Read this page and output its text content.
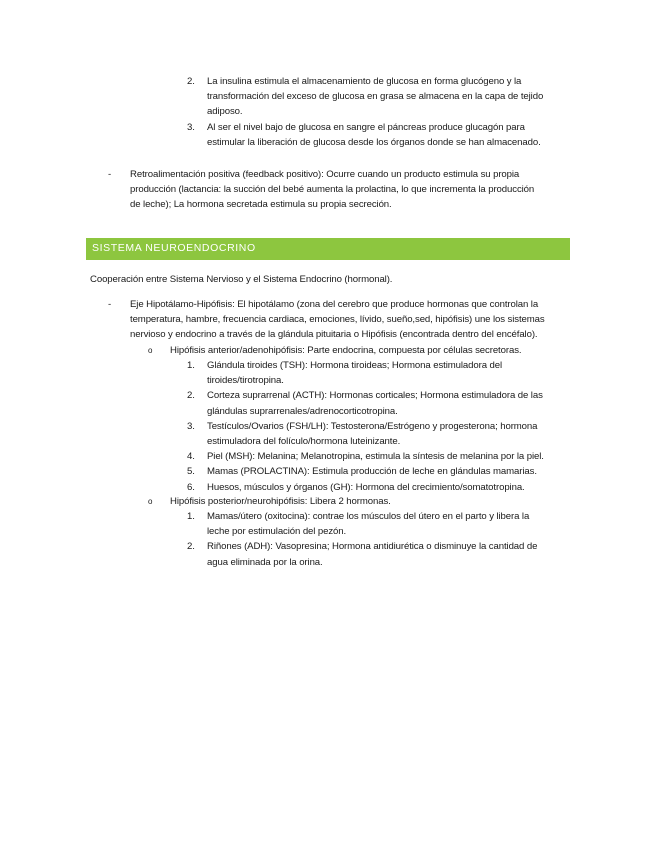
2.	La insulina estimula el almacenamiento de glucosa en forma glucógeno y la
transformación del exceso de glucosa en grasa se almacena en la capa de tejido
adiposo.
3.	Al ser el nivel bajo de glucosa en sangre el páncreas produce glucagón para
estimular la liberación de glucosa desde los órganos donde se han almacenado.
-	Retroalimentación positiva (feedback positivo): Ocurre cuando un producto estimula su propia
producción (lactancia: la succión del bebé aumenta la prolactina, lo que incrementa la producción
de leche); La hormona secretada estimula su propia secreción.
SISTEMA NEUROENDOCRINO
Cooperación entre Sistema Nervioso y el Sistema Endocrino (hormonal).
-	Eje Hipotálamo-Hipófisis: El hipotálamo (zona del cerebro que produce hormonas que controlan la
temperatura, hambre, frecuencia cardiaca, emociones, lívido, sueño,sed, hipófisis) une los sistemas
nervioso y endocrino a través de la glándula pituitaria o Hipófisis (encontrada dentro del encéfalo).
o	Hipófisis anterior/adenohipófisis: Parte endocrina, compuesta por células secretoras.
1.	Glándula tiroides (TSH): Hormona tiroideas; Hormona estimuladora del
tiroides/tirotropina.
2.	Corteza suprarrenal (ACTH): Hormonas corticales; Hormona estimuladora de las
glándulas suprarrenales/adrenocorticotropina.
3.	Testículos/Ovarios (FSH/LH): Testosterona/Estrógeno y progesterona; hormona
estimuladora del folículo/hormona luteinizante.
4.	Piel (MSH): Melanina; Melanotropina, estimula la síntesis de melanina por la piel.
5.	Mamas (PROLACTINA): Estimula producción de leche en glándulas mamarias.
6.	Huesos, músculos y órganos (GH): Hormona del crecimiento/somatotropina.
o	Hipófisis posterior/neurohipófisis: Libera 2 hormonas.
1.	Mamas/útero (oxitocina): contrae los músculos del útero en el parto y libera la
leche por estimulación del pezón.
2.	Riñones (ADH): Vasopresina; Hormona antidiurética o disminuye la cantidad de
agua eliminada por la orina.
